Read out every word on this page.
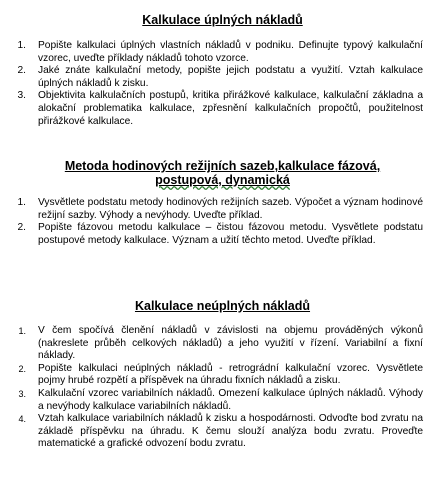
Kalkulace úplných nákladů
1. Popište kalkulaci úplných vlastních nákladů v podniku. Definujte typový kalkulační vzorec, uveďte příklady nákladů tohoto vzorce.
2. Jaké znáte kalkulační metody, popište jejich podstatu a využití. Vztah kalkulace úplných nákladů k zisku.
3. Objektivita kalkulačních postupů, kritika přirážkové kalkulace, kalkulační základna a alokační problematika kalkulace, zpřesnění kalkulačních propočtů, použitelnost přirážkové kalkulace.
Metoda hodinových režijních sazeb,kalkulace fázová,
postupová, dynamická
1. Vysvětlete podstatu metody hodinových režijních sazeb. Výpočet a význam hodinové režijní sazby. Výhody a nevýhody. Uveďte příklad.
2. Popište fázovou metodu kalkulace – čistou fázovou metodu. Vysvětlete podstatu postupové metody kalkulace. Význam a užití těchto metod. Uveďte příklad.
Kalkulace neúplných nákladů
1. V čem spočívá členění nákladů v závislosti na objemu prováděných výkonů (nakreslete průběh celkových nákladů) a jeho využití v řízení. Variabilní a fixní náklady.
2. Popište kalkulaci neúplných nákladů - retrográdní kalkulační vzorec. Vysvětlete pojmy hrubé rozpětí a příspěvek na úhradu fixních nákladů a zisku.
3. Kalkulační vzorec variabilních nákladů. Omezení kalkulace úplných nákladů. Výhody a nevýhody kalkulace variabilních nákladů.
4. Vztah kalkulace variabilních nákladů k zisku a hospodárnosti. Odvoďte bod zvratu na základě příspěvku na úhradu. K čemu slouží analýza bodu zvratu. Proveďte matematické a grafické odvození bodu zvratu.
